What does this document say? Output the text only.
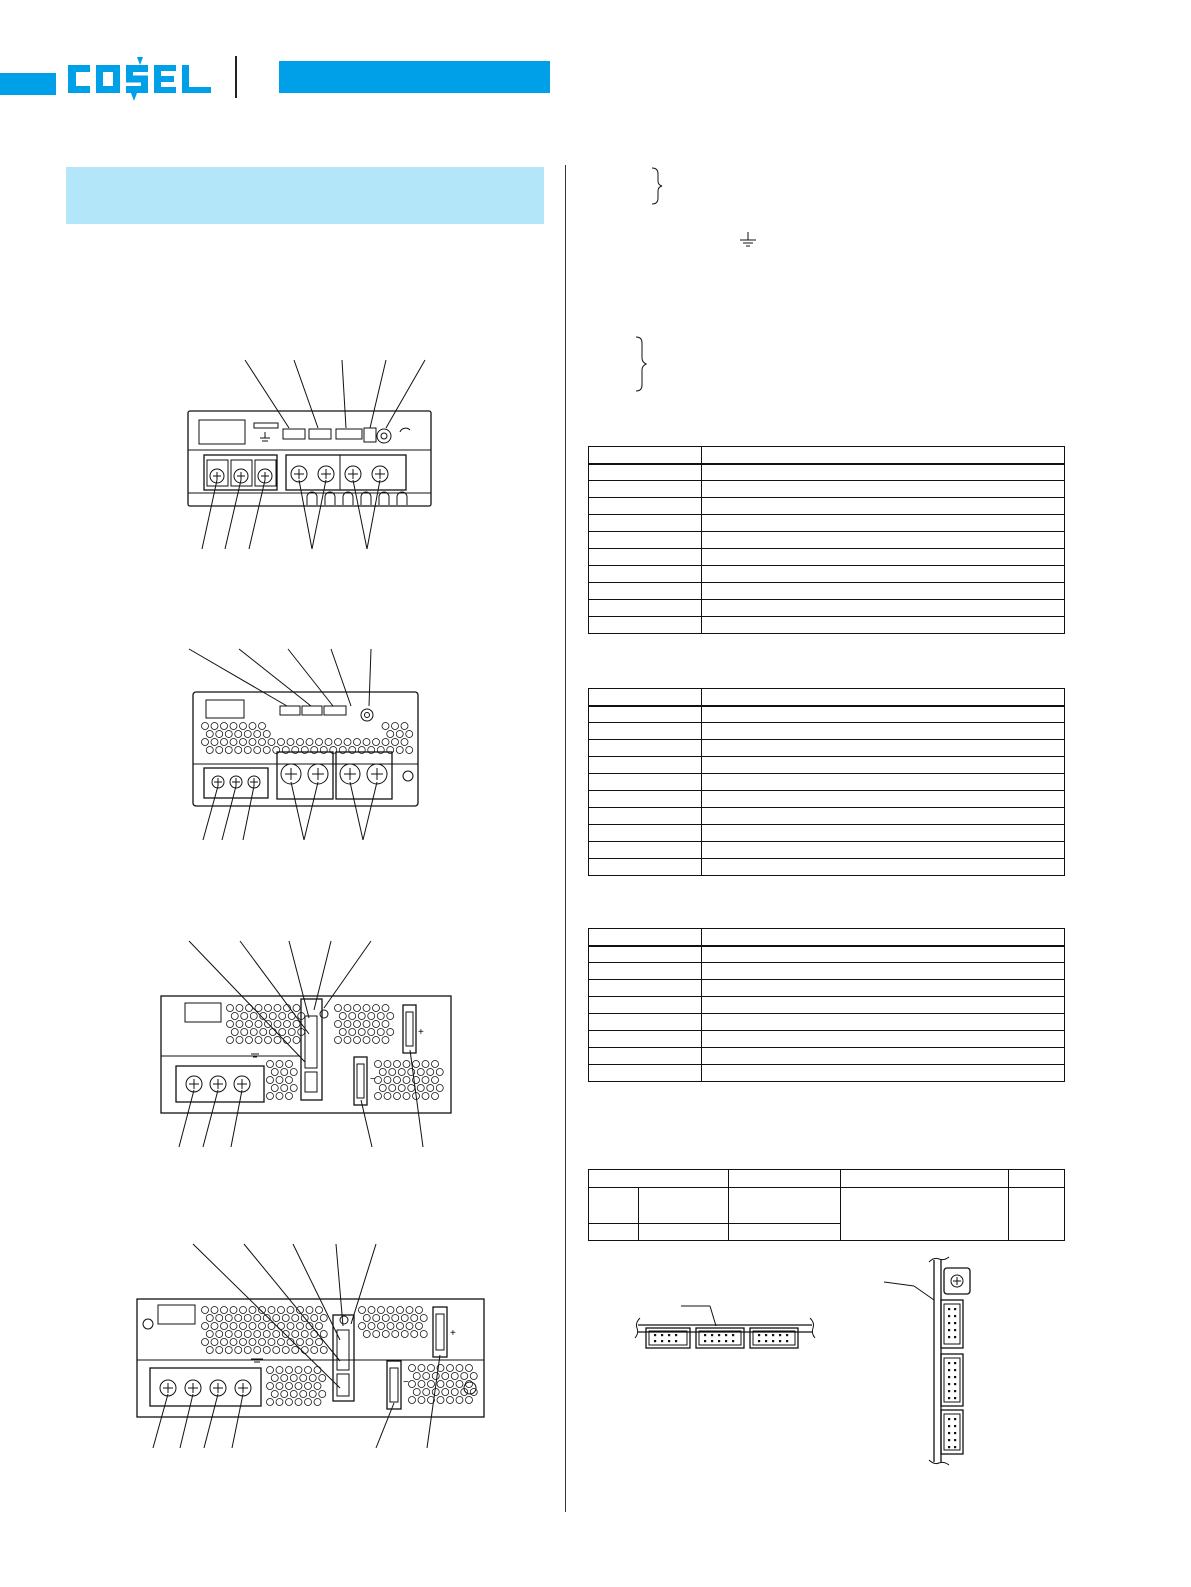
COSEL
+
−
+
−
